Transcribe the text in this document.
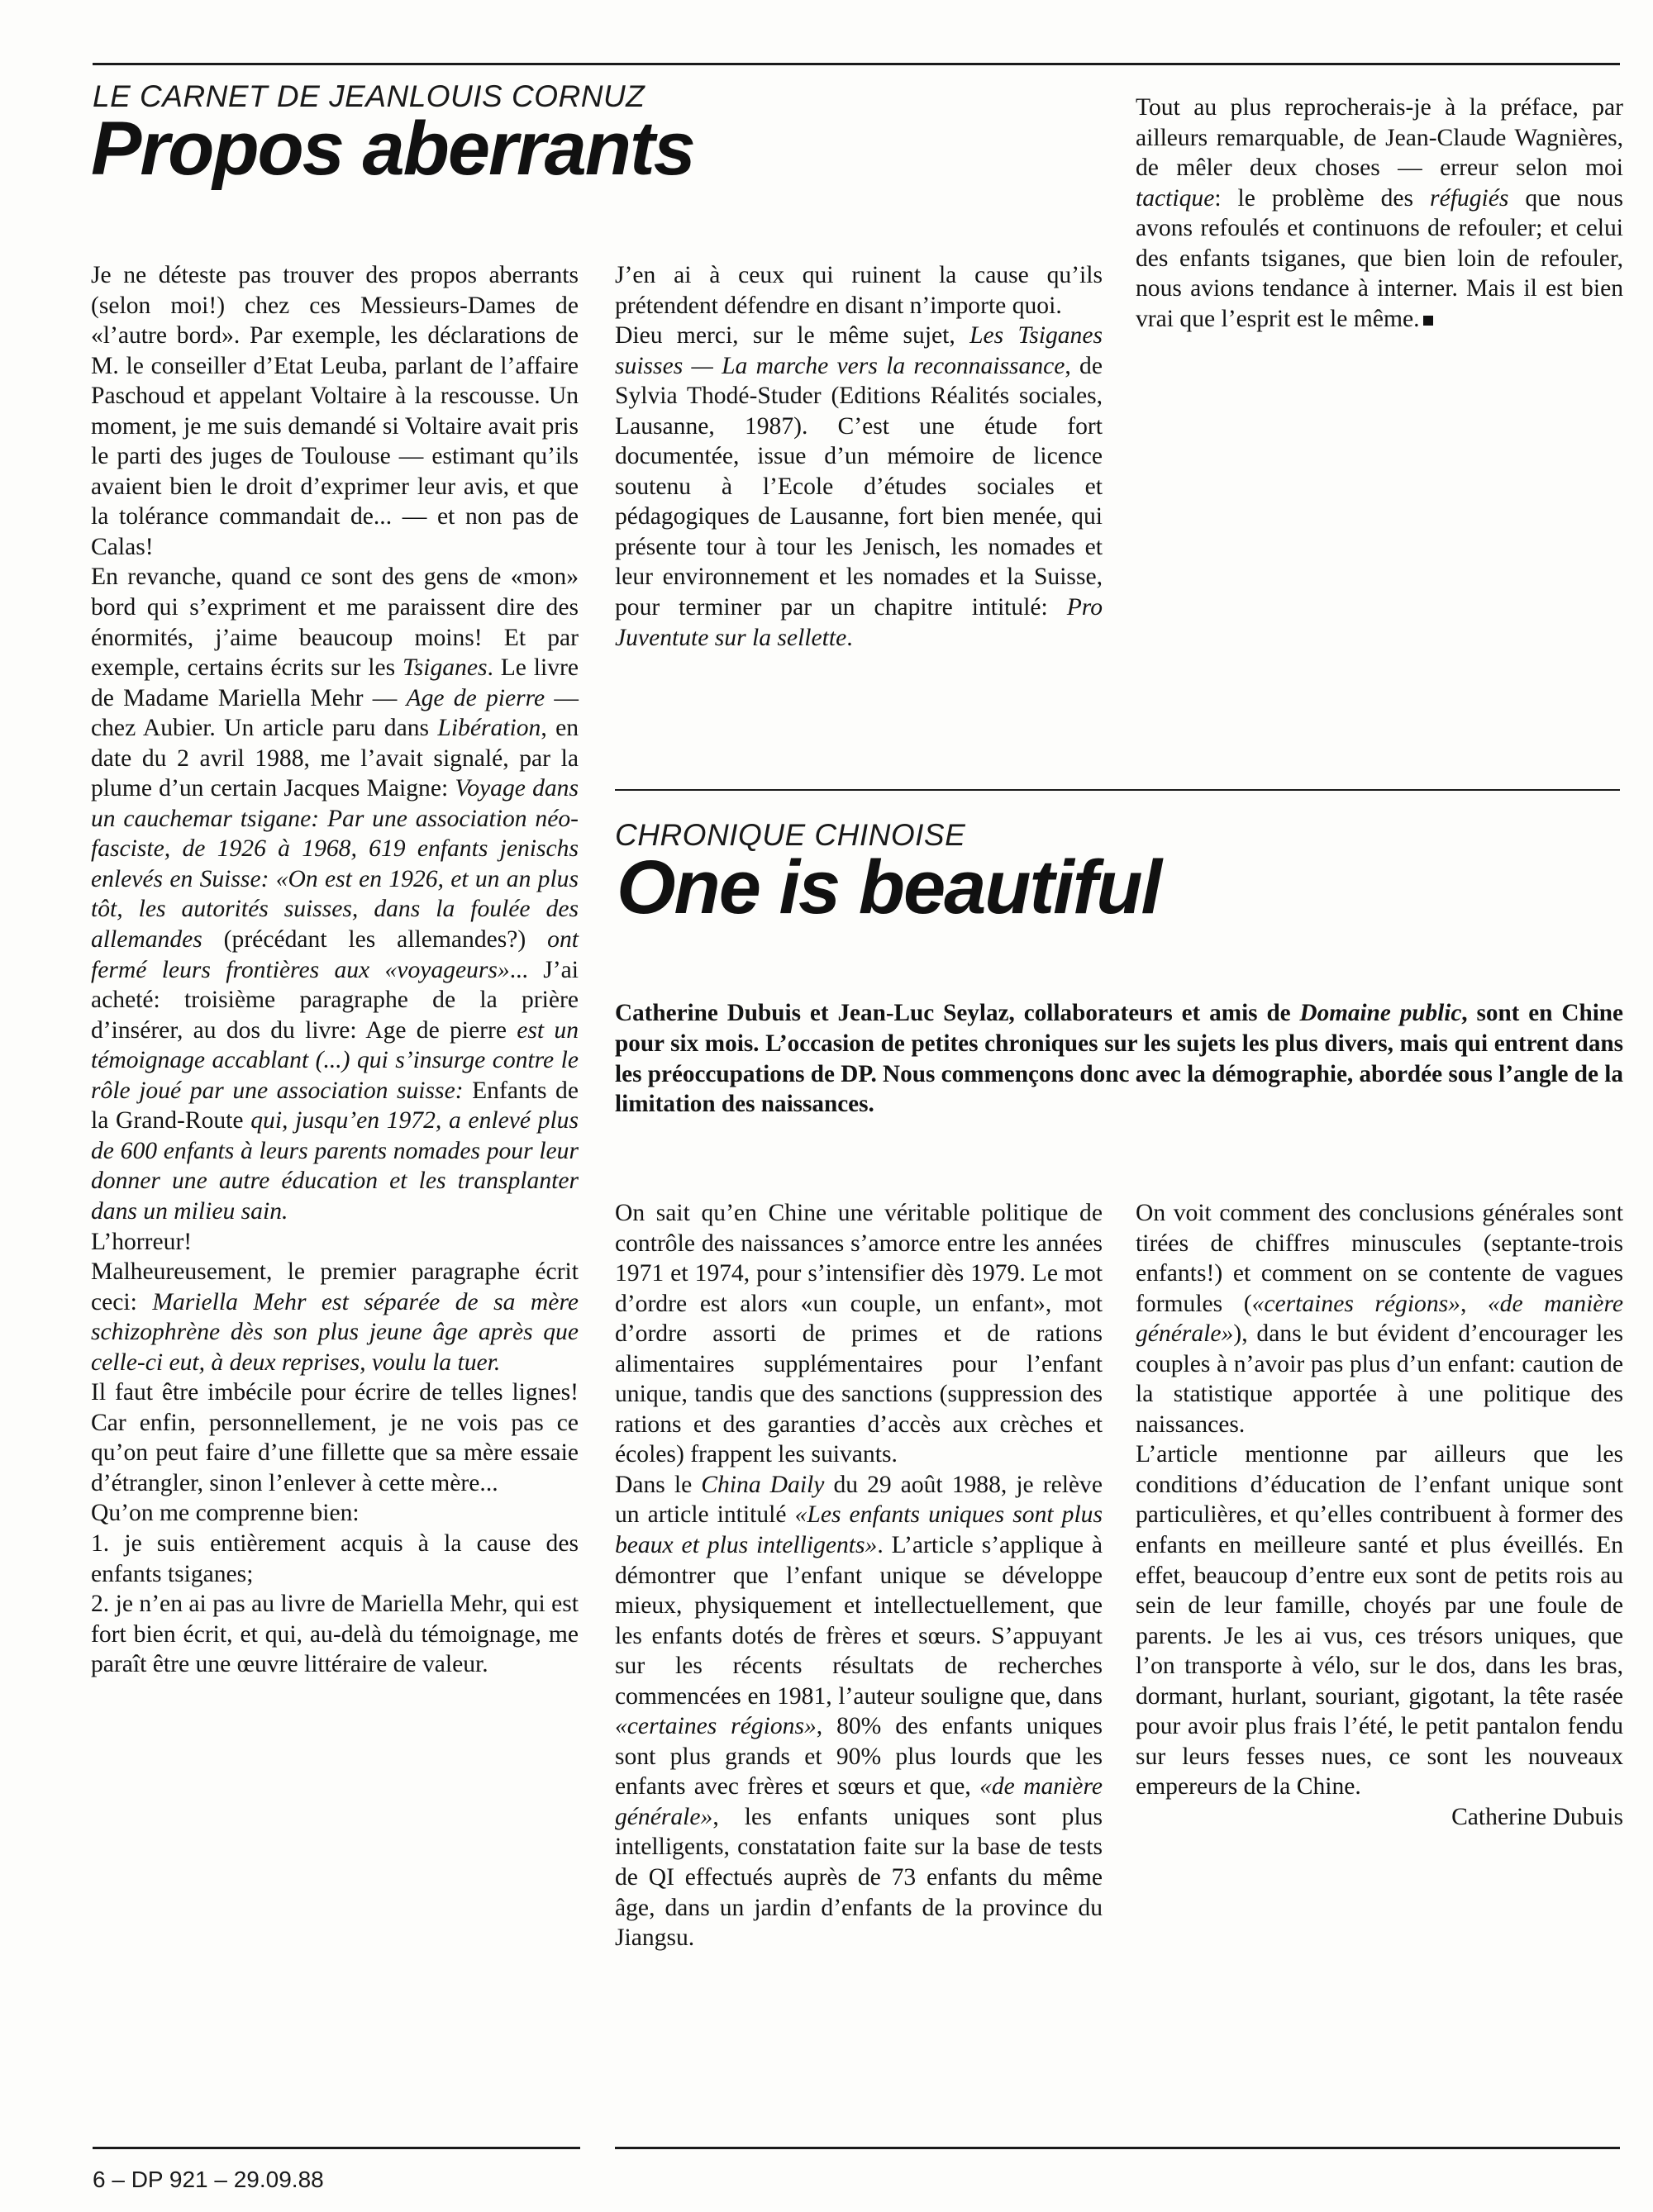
LE CARNET DE JEANLOUIS CORNUZ
Propos aberrants

Je ne déteste pas trouver des propos aberrants (selon moi!) chez ces Messieurs-Dames de «l’autre bord». Par exemple, les déclarations de M. le conseiller d’Etat Leuba, parlant de l’affaire Paschoud et appelant Voltaire à la rescousse. Un moment, je me suis demandé si Voltaire avait pris le parti des juges de Toulouse — estimant qu’ils avaient bien le droit d’exprimer leur avis, et que la tolérance commandait de... — et non pas de Calas!

En revanche, quand ce sont des gens de «mon» bord qui s’expriment et me paraissent dire des énormités, j’aime beaucoup moins! Et par exemple, certains écrits sur les Tsiganes. Le livre de Madame Mariella Mehr — Age de pierre — chez Aubier. Un article paru dans Libération, en date du 2 avril 1988, me l’avait signalé, par la plume d’un certain Jacques Maigne: Voyage dans un cauchemar tsigane: Par une association néo-fasciste, de 1926 à 1968, 619 enfants jenischs enlevés en Suisse: «On est en 1926, et un an plus tôt, les autorités suisses, dans la foulée des allemandes (précédant les allemandes?) ont fermé leurs frontières aux «voyageurs»... J’ai acheté: troisième paragraphe de la prière d’insérer, au dos du livre: Age de pierre est un témoignage accablant (...) qui s’insurge contre le rôle joué par une association suisse: Enfants de la Grand-Route qui, jusqu’en 1972, a enlevé plus de 600 enfants à leurs parents nomades pour leur donner une autre éducation et les transplanter dans un milieu sain.

L’horreur!

Malheureusement, le premier paragraphe écrit ceci: Mariella Mehr est séparée de sa mère schizophrène dès son plus jeune âge après que celle-ci eut, à deux reprises, voulu la tuer.

Il faut être imbécile pour écrire de telles lignes! Car enfin, personnellement, je ne vois pas ce qu’on peut faire d’une fillette que sa mère essaie d’étrangler, sinon l’enlever à cette mère...

Qu’on me comprenne bien:

1. je suis entièrement acquis à la cause des enfants tsiganes;

2. je n’en ai pas au livre de Mariella Mehr, qui est fort bien écrit, et qui, au-delà du témoignage, me paraît être une œuvre littéraire de valeur.

J’en ai à ceux qui ruinent la cause qu’ils prétendent défendre en disant n’importe quoi.

Dieu merci, sur le même sujet, Les Tsiganes suisses — La marche vers la reconnaissance, de Sylvia Thodé-Studer (Editions Réalités sociales, Lausanne, 1987). C’est une étude fort documentée, issue d’un mémoire de licence soutenu à l’Ecole d’études sociales et pédagogiques de Lausanne, fort bien menée, qui présente tour à tour les Jenisch, les nomades et leur environnement et les nomades et la Suisse, pour terminer par un chapitre intitulé: Pro Juventute sur la sellette.

Tout au plus reprocherais-je à la préface, par ailleurs remarquable, de Jean-Claude Wagnières, de mêler deux choses — erreur selon moi tactique: le problème des réfugiés que nous avons refoulés et continuons de refouler; et celui des enfants tsiganes, que bien loin de refouler, nous avions tendance à interner. Mais il est bien vrai que l’esprit est le même.

CHRONIQUE CHINOISE
One is beautiful
Catherine Dubuis et Jean-Luc Seylaz, collaborateurs et amis de Domaine public, sont en Chine pour six mois. L’occasion de petites chroniques sur les sujets les plus divers, mais qui entrent dans les préoccupations de DP. Nous commençons donc avec la démographie, abordée sous l’angle de la limitation des naissances.

On sait qu’en Chine une véritable politique de contrôle des naissances s’amorce entre les années 1971 et 1974, pour s’intensifier dès 1979. Le mot d’ordre est alors «un couple, un enfant», mot d’ordre assorti de primes et de rations alimentaires supplémentaires pour l’enfant unique, tandis que des sanctions (suppression des rations et des garanties d’accès aux crèches et écoles) frappent les suivants.

Dans le China Daily du 29 août 1988, je relève un article intitulé «Les enfants uniques sont plus beaux et plus intelligents». L’article s’applique à démontrer que l’enfant unique se développe mieux, physiquement et intellectuellement, que les enfants dotés de frères et sœurs. S’appuyant sur les récents résultats de recherches commencées en 1981, l’auteur souligne que, dans «certaines régions», 80% des enfants uniques sont plus grands et 90% plus lourds que les enfants avec frères et sœurs et que, «de manière générale», les enfants uniques sont plus intelligents, constatation faite sur la base de tests de QI effectués auprès de 73 enfants du même âge, dans un jardin d’enfants de la province du Jiangsu.

On voit comment des conclusions générales sont tirées de chiffres minuscules (septante-trois enfants!) et comment on se contente de vagues formules («certaines régions», «de manière générale»), dans le but évident d’encourager les couples à n’avoir pas plus d’un enfant: caution de la statistique apportée à une politique des naissances.

L’article mentionne par ailleurs que les conditions d’éducation de l’enfant unique sont particulières, et qu’elles contribuent à former des enfants en meilleure santé et plus éveillés. En effet, beaucoup d’entre eux sont de petits rois au sein de leur famille, choyés par une foule de parents. Je les ai vus, ces trésors uniques, que l’on transporte à vélo, sur le dos, dans les bras, dormant, hurlant, souriant, gigotant, la tête rasée pour avoir plus frais l’été, le petit pantalon fendu sur leurs fesses nues, ce sont les nouveaux empereurs de la Chine.

Catherine Dubuis

6 – DP 921 – 29.09.88
